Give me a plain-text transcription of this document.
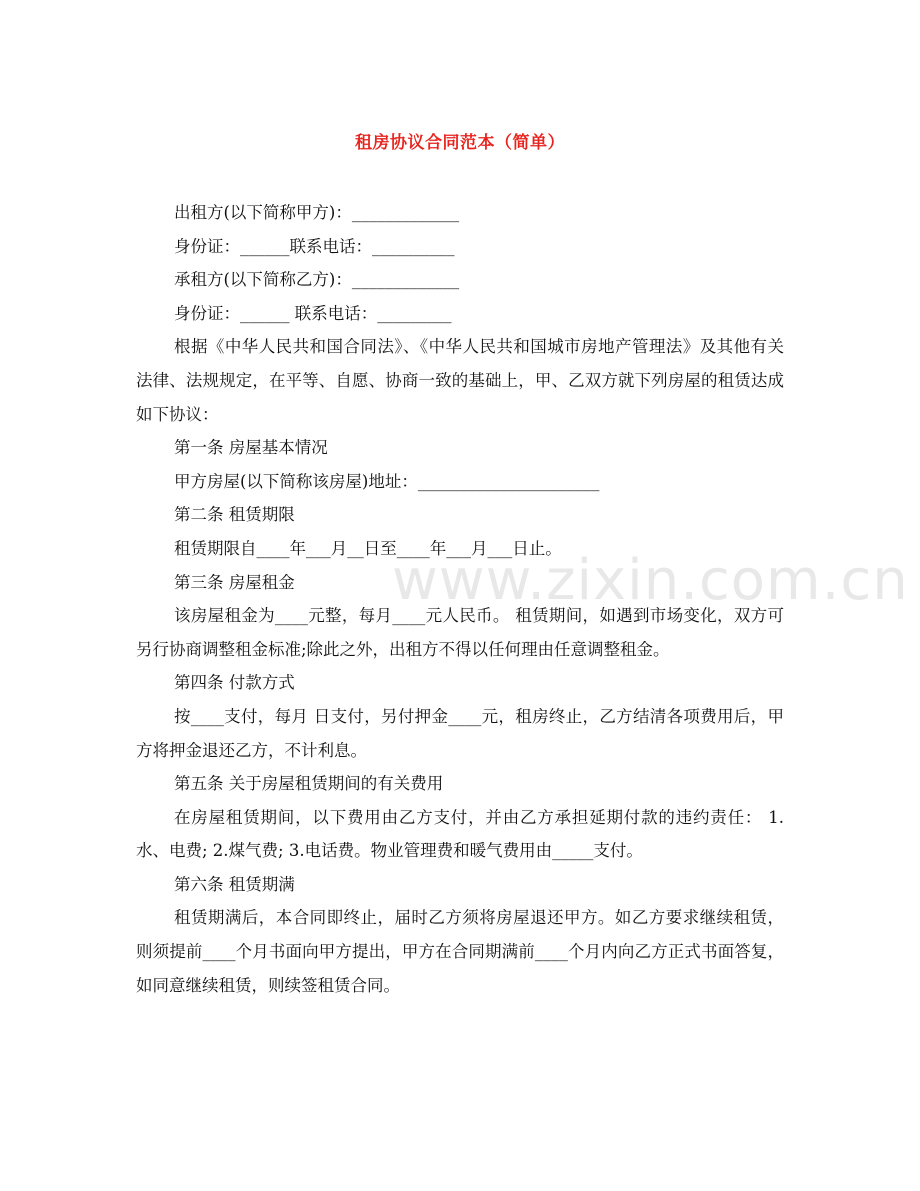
租房协议合同范本（简单）

出租方(以下简称甲方)：_____________

身份证：______联系电话：__________

承租方(以下简称乙方)：_____________

身份证：______ 联系电话：_________

根据《中华人民共和国合同法》、《中华人民共和国城市房地产管理法》及其他有关法律、法规规定，在平等、自愿、协商一致的基础上，甲、乙双方就下列房屋的租赁达成如下协议：

第一条 房屋基本情况

甲方房屋(以下简称该房屋)地址：______________________

第二条 租赁期限

租赁期限自____年___月__日至____年___月___日止。

第三条 房屋租金

该房屋租金为____元整，每月____元人民币。 租赁期间，如遇到市场变化，双方可另行协商调整租金标准;除此之外，出租方不得以任何理由任意调整租金。

第四条 付款方式

按____支付，每月 日支付，另付押金____元，租房终止，乙方结清各项费用后，甲方将押金退还乙方，不计利息。

第五条 关于房屋租赁期间的有关费用

在房屋租赁期间，以下费用由乙方支付，并由乙方承担延期付款的违约责任： 1.水、电费; 2.煤气费; 3.电话费。物业管理费和暖气费用由_____支付。

第六条 租赁期满

租赁期满后，本合同即终止，届时乙方须将房屋退还甲方。如乙方要求继续租赁，则须提前____个月书面向甲方提出，甲方在合同期满前____个月内向乙方正式书面答复，如同意继续租赁，则续签租赁合同。

www.zixin.com.cn
